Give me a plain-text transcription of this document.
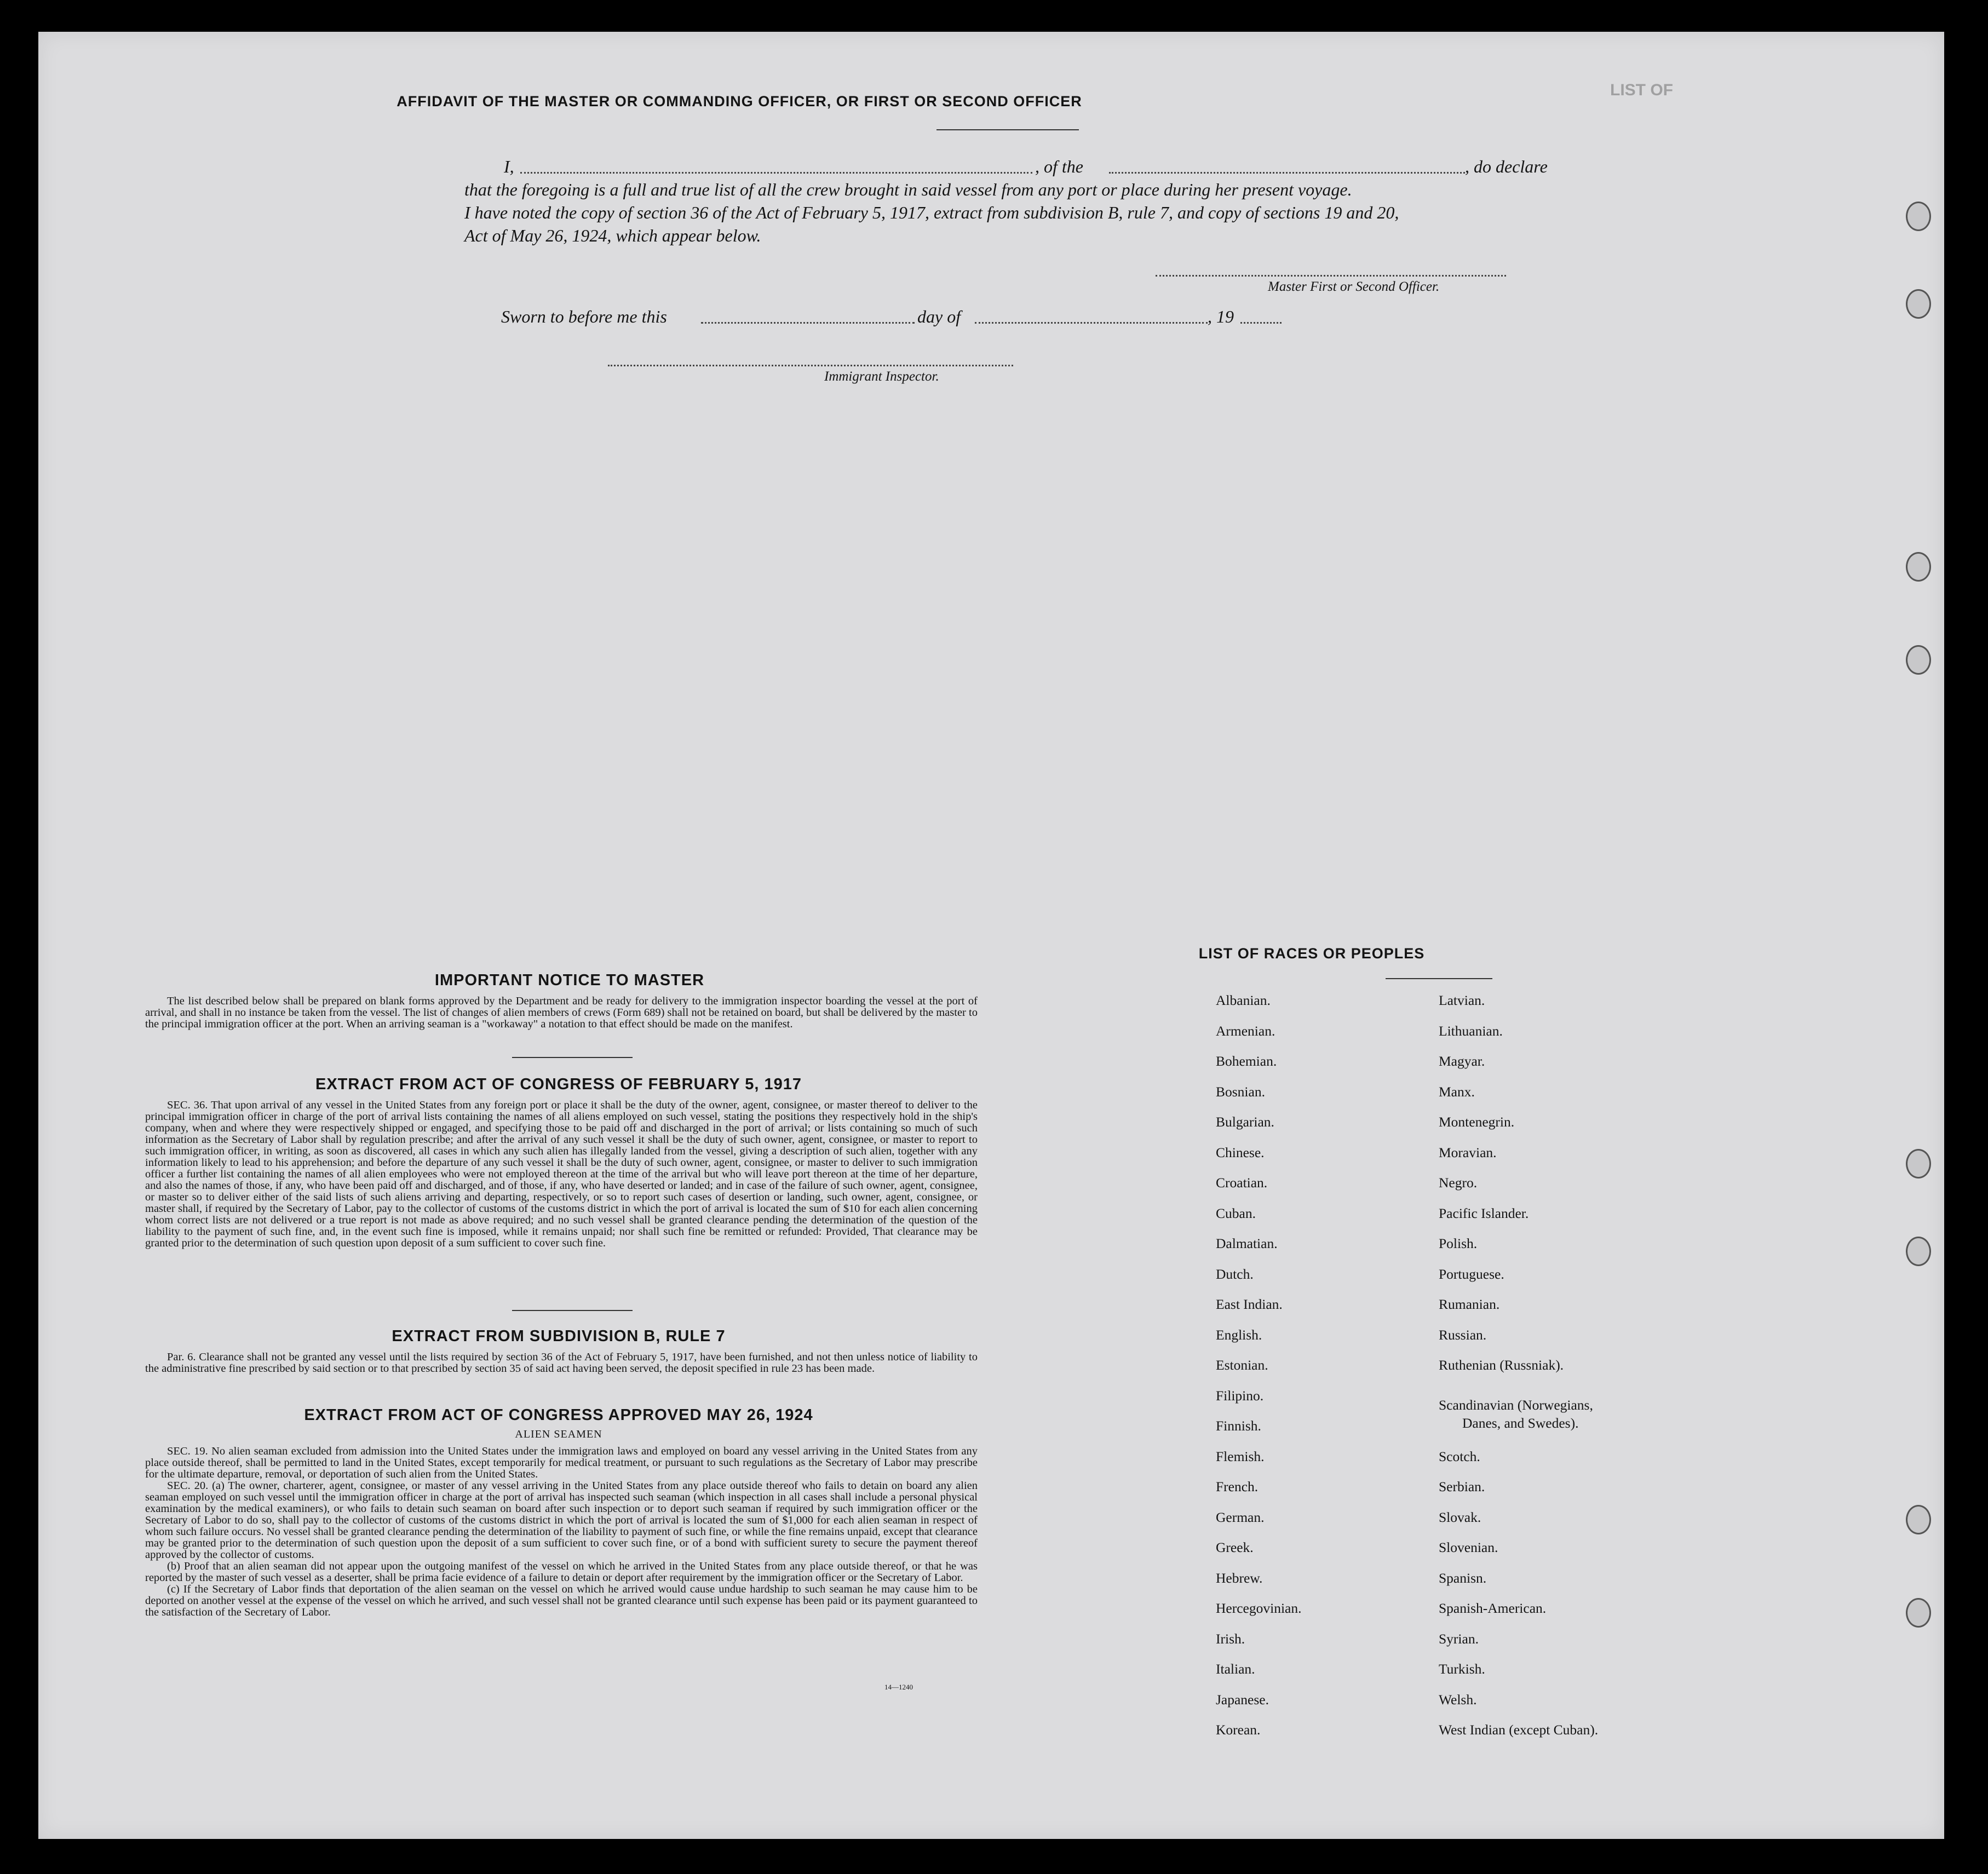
LIST OF
AFFIDAVIT OF THE MASTER OR COMMANDING OFFICER, OR FIRST OR SECOND OFFICER
I,	, of the	, do declare
that the foregoing is a full and true list of all the crew brought in said vessel from any port or place during her present voyage.
I have noted the copy of section 36 of the Act of February 5, 1917, extract from subdivision B, rule 7, and copy of sections 19 and 20,
Act of May 26, 1924, which appear below.
Master First or Second Officer.
Sworn to before me this	day of	, 19
Immigrant Inspector.
IMPORTANT NOTICE TO MASTER

The list described below shall be prepared on blank forms approved by the Department and be ready for delivery to the immigration inspector boarding the vessel at the port of arrival, and shall in no instance be taken from the vessel. The list of changes of alien members of crews (Form 689) shall not be retained on board, but shall be delivered by the master to the principal immigration officer at the port. When an arriving seaman is a "workaway" a notation to that effect should be made on the manifest.

EXTRACT FROM ACT OF CONGRESS OF FEBRUARY 5, 1917

SEC. 36. That upon arrival of any vessel in the United States from any foreign port or place it shall be the duty of the owner, agent, consignee, or master thereof to deliver to the principal immigration officer in charge of the port of arrival lists containing the names of all aliens employed on such vessel, stating the positions they respectively hold in the ship's company, when and where they were respectively shipped or engaged, and specifying those to be paid off and discharged in the port of arrival; or lists containing so much of such information as the Secretary of Labor shall by regulation prescribe; and after the arrival of any such vessel it shall be the duty of such owner, agent, consignee, or master to report to such immigration officer, in writing, as soon as discovered, all cases in which any such alien has illegally landed from the vessel, giving a description of such alien, together with any information likely to lead to his apprehension; and before the departure of any such vessel it shall be the duty of such owner, agent, consignee, or master to deliver to such immigration officer a further list containing the names of all alien employees who were not employed thereon at the time of the arrival but who will leave port thereon at the time of her departure, and also the names of those, if any, who have been paid off and discharged, and of those, if any, who have deserted or landed; and in case of the failure of such owner, agent, consignee, or master so to deliver either of the said lists of such aliens arriving and departing, respectively, or so to report such cases of desertion or landing, such owner, agent, consignee, or master shall, if required by the Secretary of Labor, pay to the collector of customs of the customs district in which the port of arrival is located the sum of $10 for each alien concerning whom correct lists are not delivered or a true report is not made as above required; and no such vessel shall be granted clearance pending the determination of the question of the liability to the payment of such fine, and, in the event such fine is imposed, while it remains unpaid; nor shall such fine be remitted or refunded: Provided, That clearance may be granted prior to the determination of such question upon deposit of a sum sufficient to cover such fine.

EXTRACT FROM SUBDIVISION B, RULE 7

Par. 6. Clearance shall not be granted any vessel until the lists required by section 36 of the Act of February 5, 1917, have been furnished, and not then unless notice of liability to the administrative fine prescribed by said section or to that prescribed by section 35 of said act having been served, the deposit specified in rule 23 has been made.

EXTRACT FROM ACT OF CONGRESS APPROVED MAY 26, 1924
ALIEN SEAMEN

SEC. 19. No alien seaman excluded from admission into the United States under the immigration laws and employed on board any vessel arriving in the United States from any place outside thereof, shall be permitted to land in the United States, except temporarily for medical treatment, or pursuant to such regulations as the Secretary of Labor may prescribe for the ultimate departure, removal, or deportation of such alien from the United States.

SEC. 20. (a) The owner, charterer, agent, consignee, or master of any vessel arriving in the United States from any place outside thereof who fails to detain on board any alien seaman employed on such vessel until the immigration officer in charge at the port of arrival has inspected such seaman (which inspection in all cases shall include a personal physical examination by the medical examiners), or who fails to detain such seaman on board after such inspection or to deport such seaman if required by such immigration officer or the Secretary of Labor to do so, shall pay to the collector of customs of the customs district in which the port of arrival is located the sum of $1,000 for each alien seaman in respect of whom such failure occurs. No vessel shall be granted clearance pending the determination of the liability to payment of such fine, or while the fine remains unpaid, except that clearance may be granted prior to the determination of such question upon the deposit of a sum sufficient to cover such fine, or of a bond with sufficient surety to secure the payment thereof approved by the collector of customs.

(b) Proof that an alien seaman did not appear upon the outgoing manifest of the vessel on which he arrived in the United States from any place outside thereof, or that he was reported by the master of such vessel as a deserter, shall be prima facie evidence of a failure to detain or deport after requirement by the immigration officer or the Secretary of Labor.

(c) If the Secretary of Labor finds that deportation of the alien seaman on the vessel on which he arrived would cause undue hardship to such seaman he may cause him to be deported on another vessel at the expense of the vessel on which he arrived, and such vessel shall not be granted clearance until such expense has been paid or its payment guaranteed to the satisfaction of the Secretary of Labor.

14—1240
LIST OF RACES OR PEOPLES
Albanian.
Armenian.
Bohemian.
Bosnian.
Bulgarian.
Chinese.
Croatian.
Cuban.
Dalmatian.
Dutch.
East Indian.
English.
Estonian.
Filipino.
Finnish.
Flemish.
French.
German.
Greek.
Hebrew.
Hercegovinian.
Irish.
Italian.
Japanese.
Korean.
Latvian.
Lithuanian.
Magyar.
Manx.
Montenegrin.
Moravian.
Negro.
Pacific Islander.
Polish.
Portuguese.
Rumanian.
Russian.
Ruthenian (Russniak).
Scandinavian (Norwegians,
Danes, and Swedes).
Scotch.
Serbian.
Slovak.
Slovenian.
Spanisn.
Spanish-American.
Syrian.
Turkish.
Welsh.
West Indian (except Cuban).
